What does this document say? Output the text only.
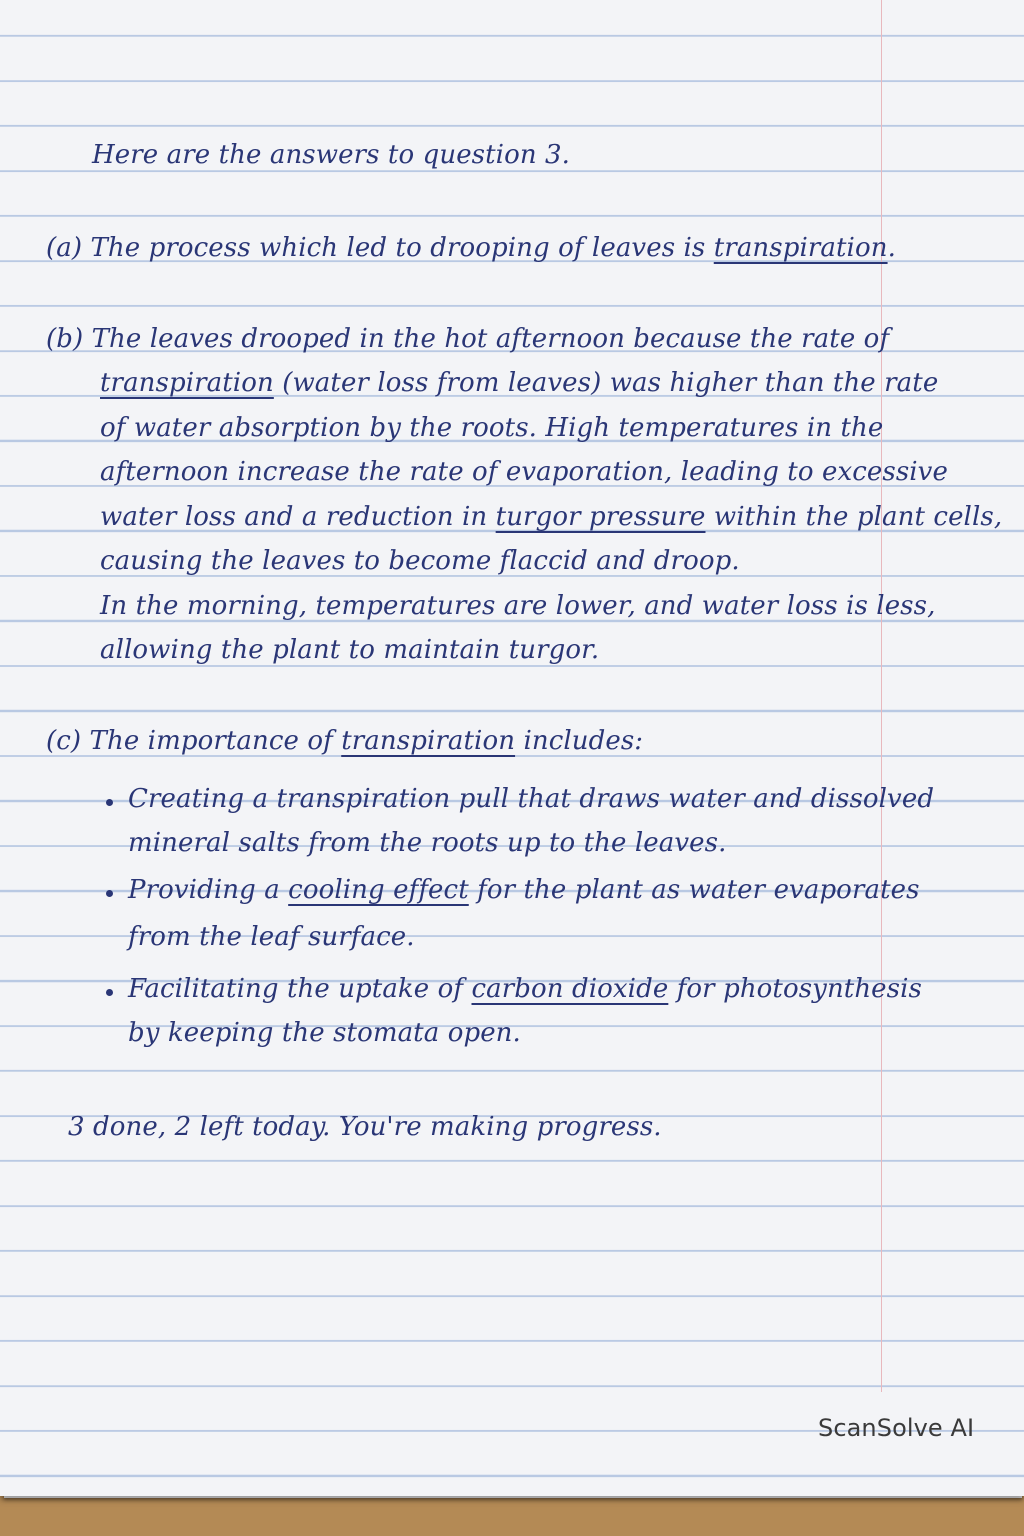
Here are the answers to question 3.
(a) The process which led to drooping of leaves is transpiration.
(b) The leaves drooped in the hot afternoon because the rate of
transpiration (water loss from leaves) was higher than the rate
of water absorption by the roots. High temperatures in the
afternoon increase the rate of evaporation, leading to excessive
water loss and a reduction in turgor pressure within the plant cells,
causing the leaves to become flaccid and droop.
In the morning, temperatures are lower, and water loss is less,
allowing the plant to maintain turgor.
(c) The importance of transpiration includes:
Creating a transpiration pull that draws water and dissolved
mineral salts from the roots up to the leaves.
Providing a cooling effect for the plant as water evaporates
from the leaf surface.
Facilitating the uptake of carbon dioxide for photosynthesis
by keeping the stomata open.
3 done, 2 left today. You're making progress.
ScanSolve AI
